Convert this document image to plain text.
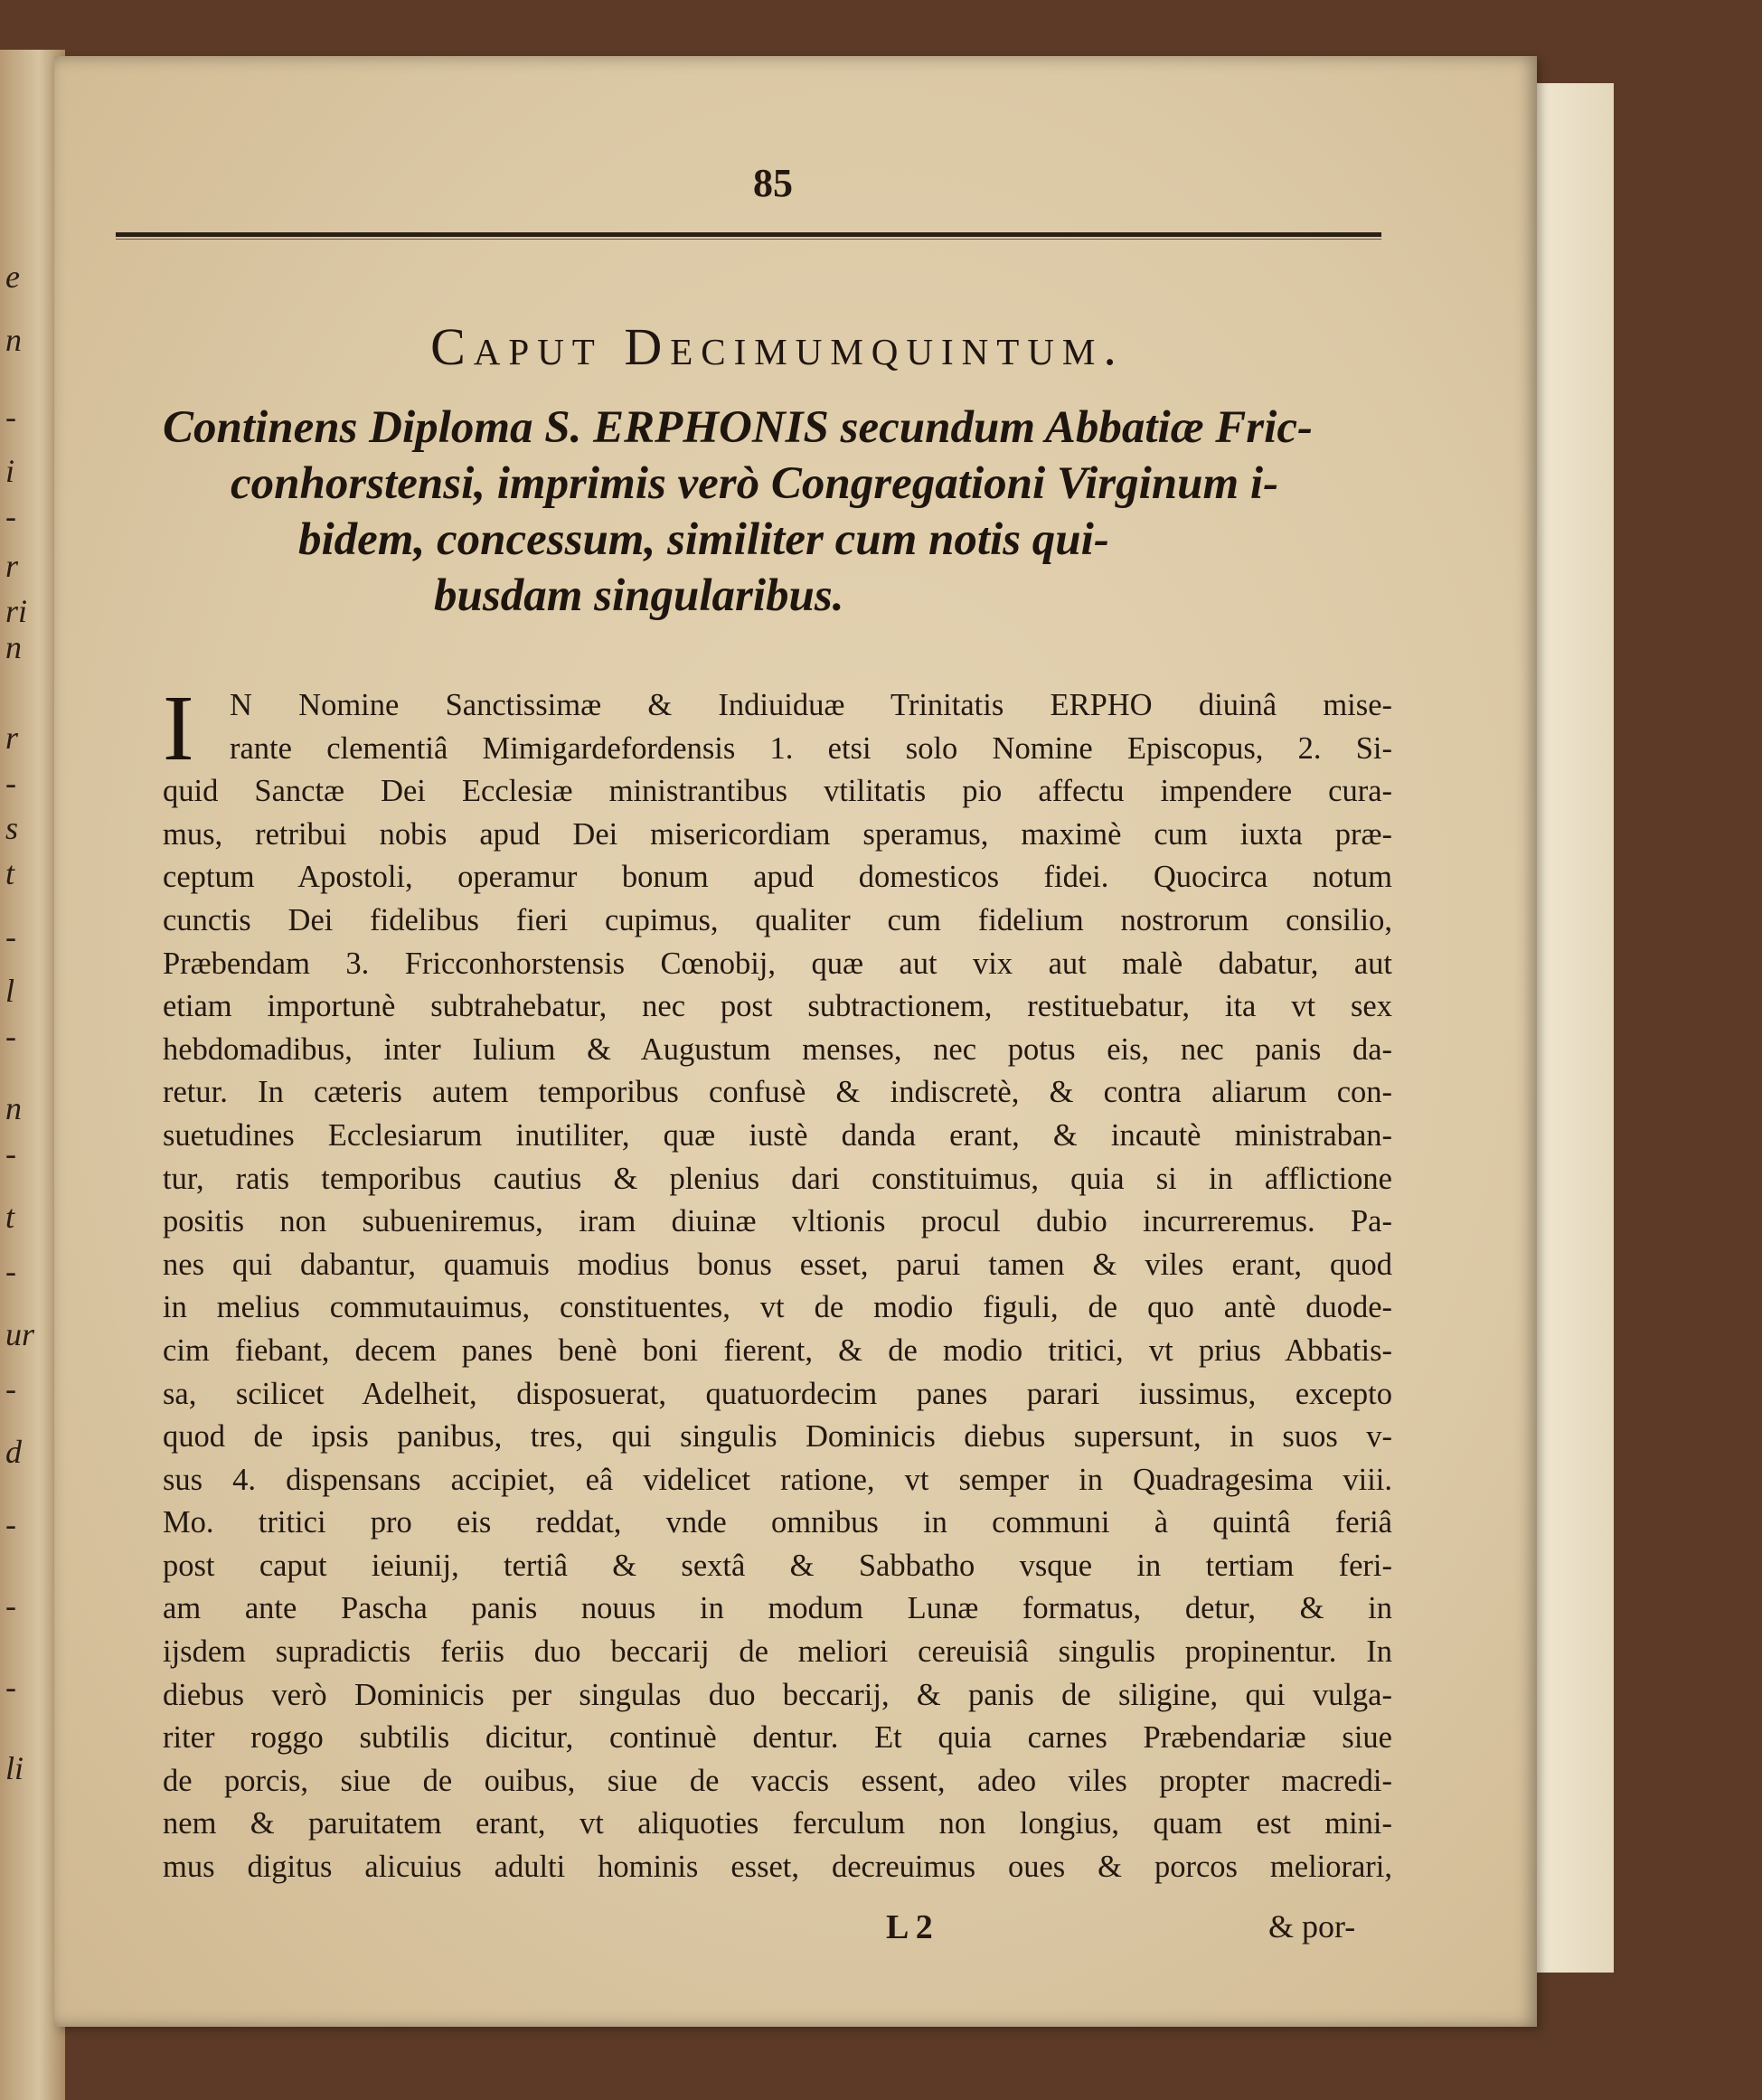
e
n
-
i
-
r
ri
n
r
-
s
t
-
l
-
n
-
t
-
ur
-
d
-
-
-
li
85
Caput Decimumquintum.

Continens Diploma S. ERPHONIS secundum Abbatiæ Fric-

conhorstensi, imprimis verò Congregationi Virginum i-

bidem, concessum, similiter cum notis qui-

busdam singularibus.

I	N Nomine Sanctissimæ & Indiuiduæ Trinitatis ERPHO diuinâ mise-
rante clementiâ Mimigardefordensis 1. etsi solo Nomine Episcopus, 2. Si-
quid Sanctæ Dei Ecclesiæ ministrantibus vtilitatis pio affectu impendere cura-
mus, retribui nobis apud Dei misericordiam speramus, maximè cum iuxta præ-
ceptum Apostoli, operamur bonum apud domesticos fidei. Quocirca notum
cunctis Dei fidelibus fieri cupimus, qualiter cum fidelium nostrorum consilio,
Præbendam 3. Fricconhorstensis Cœnobij, quæ aut vix aut malè dabatur, aut
etiam importunè subtrahebatur, nec post subtractionem, restituebatur, ita vt sex
hebdomadibus, inter Iulium & Augustum menses, nec potus eis, nec panis da-
retur. In cæteris autem temporibus confusè & indiscretè, & contra aliarum con-
suetudines Ecclesiarum inutiliter, quæ iustè danda erant, & incautè ministraban-
tur, ratis temporibus cautius & plenius dari constituimus, quia si in afflictione
positis non subueniremus, iram diuinæ vltionis procul dubio incurreremus. Pa-
nes qui dabantur, quamuis modius bonus esset, parui tamen & viles erant, quod
in melius commutauimus, constituentes, vt de modio figuli, de quo antè duode-
cim fiebant, decem panes benè boni fierent, & de modio tritici, vt prius Abbatis-
sa, scilicet Adelheit, disposuerat, quatuordecim panes parari iussimus, excepto
quod de ipsis panibus, tres, qui singulis Dominicis diebus supersunt, in suos v-
sus 4. dispensans accipiet, eâ videlicet ratione, vt semper in Quadragesima viii.
Mo. tritici pro eis reddat, vnde omnibus in communi à quintâ feriâ
post caput ieiunij, tertiâ & sextâ & Sabbatho vsque in tertiam feri-
am ante Pascha panis nouus in modum Lunæ formatus, detur, & in
ijsdem supradictis feriis duo beccarij de meliori cereuisiâ singulis propinentur. In
diebus verò Dominicis per singulas duo beccarij, & panis de siligine, qui vulga-
riter roggo subtilis dicitur, continuè dentur. Et quia carnes Præbendariæ siue
de porcis, siue de ouibus, siue de vaccis essent, adeo viles propter macredi-
nem & paruitatem erant, vt aliquoties ferculum non longius, quam est mini-
mus digitus alicuius adulti hominis esset, decreuimus oues & porcos meliorari,
L 2	& por-
